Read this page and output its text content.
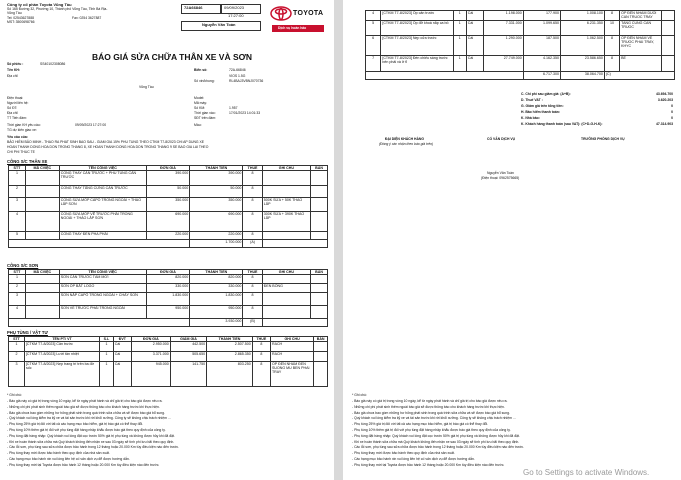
Công ty cổ phần Toyota Vũng Tàu
Số 165 Đường 32, Phường 10, Thành phố Vũng Tàu, Tỉnh Bà Rịa-
Vũng Tàu
Tel: 02543627888	Fax: 0254 3627887
MST: 3500698766
72A66846	09/09/2023
17:27:00
Nguyễn Văn Toàn
TOYOTA
Dịch vụ hoàn hảo
BÁO GIÁ SỬA CHỮA THÂN XE VÀ SƠN
Số phiếu :	SS40102308086
Tên KH:	Biển số:	72A-66846
VIOS 1.5G
Địa chỉ:
Vũng Tàu
Số vin/khung:	RL4BAJ3VBNJ070736
Điện thoại:
Người liên hệ:
Số ĐT:
Địa chỉ:
TT Tiến đàm:
Model:
Mã máy:
Số KM:	1.957
Thời gian vào:	17/01/2023 14:01:33
SĐT trên đàm:
Thời gian KH yêu cầu:	09/09/2023 17:27:00
TG dự kiến giao xe:
Màu:
Yêu cầu của:
BẢO HIỂM BẢO MINH - THAO RA PHAT SINH BAO SAU - GIAM GIA 15% PHU TUNG THEO CTKM T7-8/2023 CHI AP DUNG XE
HOAN THANH DONG HOA DON TRONG THANG 8, XE HOAN THANH DONG HOA DON TRONG THANG 9 SE BAO GIA LAI THEO
CHI PHI THUC TE
CÔNG S/C THÂN XE
STT	MÃ CVIỆC	TÊN CÔNG VIỆC	ĐƠN GIÁ	THÀNH TIỀN	THUẾ	GHI CHU	BẢN
1		CONG THAY CẢN TRƯỚC + PHU TUNG CẢN TRƯỚC	390.000	390.000	8		
2		CONG THAY TĂNG CỨNG CẢN TRƯỚC	50.000	50.000	8		
3		CONG SỬA MÓP CÁPÓ TRONG NGOÀI + THAO LẮP SƠN	350.000	350.000	8	500K SỬA + 50K THAO LẮP	
4		CONG SỬA MÓP VẼ TRƯỚC PHẢI TRONG NGOÀI + THÁO LẮP SƠN	690.000	690.000	8	300K SỬA + 390K THAO LẮP	
5		CONG THAY ĐÈN PHA PHẢI	220.000	220.000	8		
				1.700.000	(A)		
CÔNG S/C SƠN
STT	MÃ CVIỆC	TÊN CÔNG VIỆC	ĐƠN GIÁ	THÀNH TIỀN	THUẾ	GHI CHU	BẢN
1		SƠN CẢN TRƯỚC TẤM MỚI	820.000	820.000	8		
2		SƠN ỐP BẮT LOGO	330.000	330.000	8	ĐEN BÓNG	
3		SƠN NẮP CAPÔ TRONG NGOÀI + CHẢY SƠN	1.830.000	1.830.000	8		
4		SƠN VÈ TRƯỚC PHẢI TRONG NGOÀI	950.000	950.000	8		
				3.930.000	(B)		
PHỤ TÙNG / VẬT TƯ
STT	TÊN PT/ VT	S.L	ĐVT	ĐƠN GIÁ	GIẢM GIÁ	THÀNH TIỀN	THUẾ	GHI CHU	BẢN
1	[CTKM T7-8/2023] Cản trước	1	Cái	2.950.000	442.500	2.507.500	8	RACH	
2	[CTKM T7-8/2023] Lưới tản nhiệt	1	Cái	3.371.000	505.650	2.865.350	8	RACH	
3	[CTKM T7-8/2023] Nẹp trang trí trên ba đờ sốc	1	Cái	945.000	141.750	803.250	8	ỐP ĐÈN NHAM ĐEN SUONG MU BEN PHAI TRAY	
* Ghi chú:
- Báo giá này có giá trị trong vòng 10 ngày, kể từ ngày phát hành và chỉ giá trị cho báo giá được nêu ra.
- Những chi phí phát sinh thêm ngoài báo giá sẽ được thông báo cho khách hàng trước khi thực hiện.
- Báo giá chưa bao gồm những hư hỏng phát sinh trong quá trình sửa chữa và sẽ được báo giá bổ sung.
- Quý khách vui lòng kiểm tra kỹ xe và tài sản trước khi rời khỏi xưởng. Công ty sẽ không chịu trách nhiệm ...
- Phụ tùng 25% giá trị đối với tất cả các hạng mục bảo hiểm, giá trị báo giá có thể thay đổi.
- Phụ tùng 10% thêm giá trị đối với phụ tùng đặt hàng nhập khẩu được báo giá theo quy định của công ty.
- Phụ tùng đặt hàng nhập: Quý khách vui lòng đặt cọc trước 50% giá trị phụ tùng và không được hủy khi đã đặt.
- Khi xe hoàn thành sửa chữa mà Quý khách không đến nhận xe sau 03 ngày sẽ tính phí lưu bãi theo quy định.
- Các lỗi sơn, phụ tùng sau sửa chữa được bảo hành trong 12 tháng hoặc 20.000 Km tùy điều kiện nào đến trước.
- Phụ tùng thay mới được bảo hành theo quy định của nhà sản xuất.
- Các hạng mục bảo hành xin vui lòng liên hệ cố vấn dịch vụ để được hướng dẫn.
- Phụ tùng thay mới tại Toyota được bảo hành 12 tháng hoặc 20.000 Km tùy điều kiện nào đến trước.
4	[CTKM T7-8/2023] Ốp cản trước	1	Cái	1.198.000	177.900	1.008.100	8	ỐP ĐÈN NHAM DUOI CAN TRUOC TRAY	
5	[CTKM T7-8/2023] Ốp đỡ khoá nắp ca bô	1	Cái	7.331.000	1.099.650	6.231.350	10	TANG CUNG CAN TRUOC	
6	[CTKM T7-8/2023] Nẹp cửa trước	1	Cái	1.290.000	187.500	1.062.500	8	ỐP ĐÈN NHAM VE TRUOC PHAI TRAY, KHYC	
7	[CTKM T7-8/2023] Đèn chiếu sáng trước bên phải và ở tỉ	1	Cái	27.749.000	4.162.350	23.586.650	8	BỂ	
					6.717.300	38.064.700	(C)		
C. Chi phí sau giảm giá: (A+B):	43.694.700
D. Thuế VAT :	3.620.203
G. Giảm giá trên tổng tiền:	0
H. Bảo hiểm thanh toán:	0
K. Nhà bảo:	0
K. Khách hàng thanh toán (sau VAT): (C+D-G-H-K):	47.314.903
ĐẠI DIỆN KHÁCH HÀNG
(Đồng ý xác nhận theo báo giá trên)
CỐ VẤN DỊCH VỤ	TRƯỞNG PHÒNG DỊCH VỤ
Nguyễn Văn Toàn
(Điện thoại: 0962575665)
* Ghi chú:
- Báo giá này có giá trị trong vòng 10 ngày, kể từ ngày phát hành và chỉ giá trị cho báo giá được nêu ra.
- Những chi phí phát sinh thêm ngoài báo giá sẽ được thông báo cho khách hàng trước khi thực hiện.
- Báo giá chưa bao gồm những hư hỏng phát sinh trong quá trình sửa chữa và sẽ được báo giá bổ sung.
- Quý khách vui lòng kiểm tra kỹ xe và tài sản trước khi rời khỏi xưởng. Công ty sẽ không chịu trách nhiệm ...
- Phụ tùng 25% giá trị đối với tất cả các hạng mục bảo hiểm, giá trị báo giá có thể thay đổi.
- Phụ tùng 10% thêm giá trị đối với phụ tùng đặt hàng nhập khẩu được báo giá theo quy định của công ty.
- Phụ tùng đặt hàng nhập: Quý khách vui lòng đặt cọc trước 50% giá trị phụ tùng và không được hủy khi đã đặt.
- Khi xe hoàn thành sửa chữa mà Quý khách không đến nhận xe sau 03 ngày sẽ tính phí lưu bãi theo quy định.
- Các lỗi sơn, phụ tùng sau sửa chữa được bảo hành trong 12 tháng hoặc 20.000 Km tùy điều kiện nào đến trước.
- Phụ tùng thay mới được bảo hành theo quy định của nhà sản xuất.
- Các hạng mục bảo hành xin vui lòng liên hệ cố vấn dịch vụ để được hướng dẫn.
- Phụ tùng thay mới tại Toyota được bảo hành 12 tháng hoặc 20.000 Km tùy điều kiện nào đến trước.
Go to Settings to activate Windows.
